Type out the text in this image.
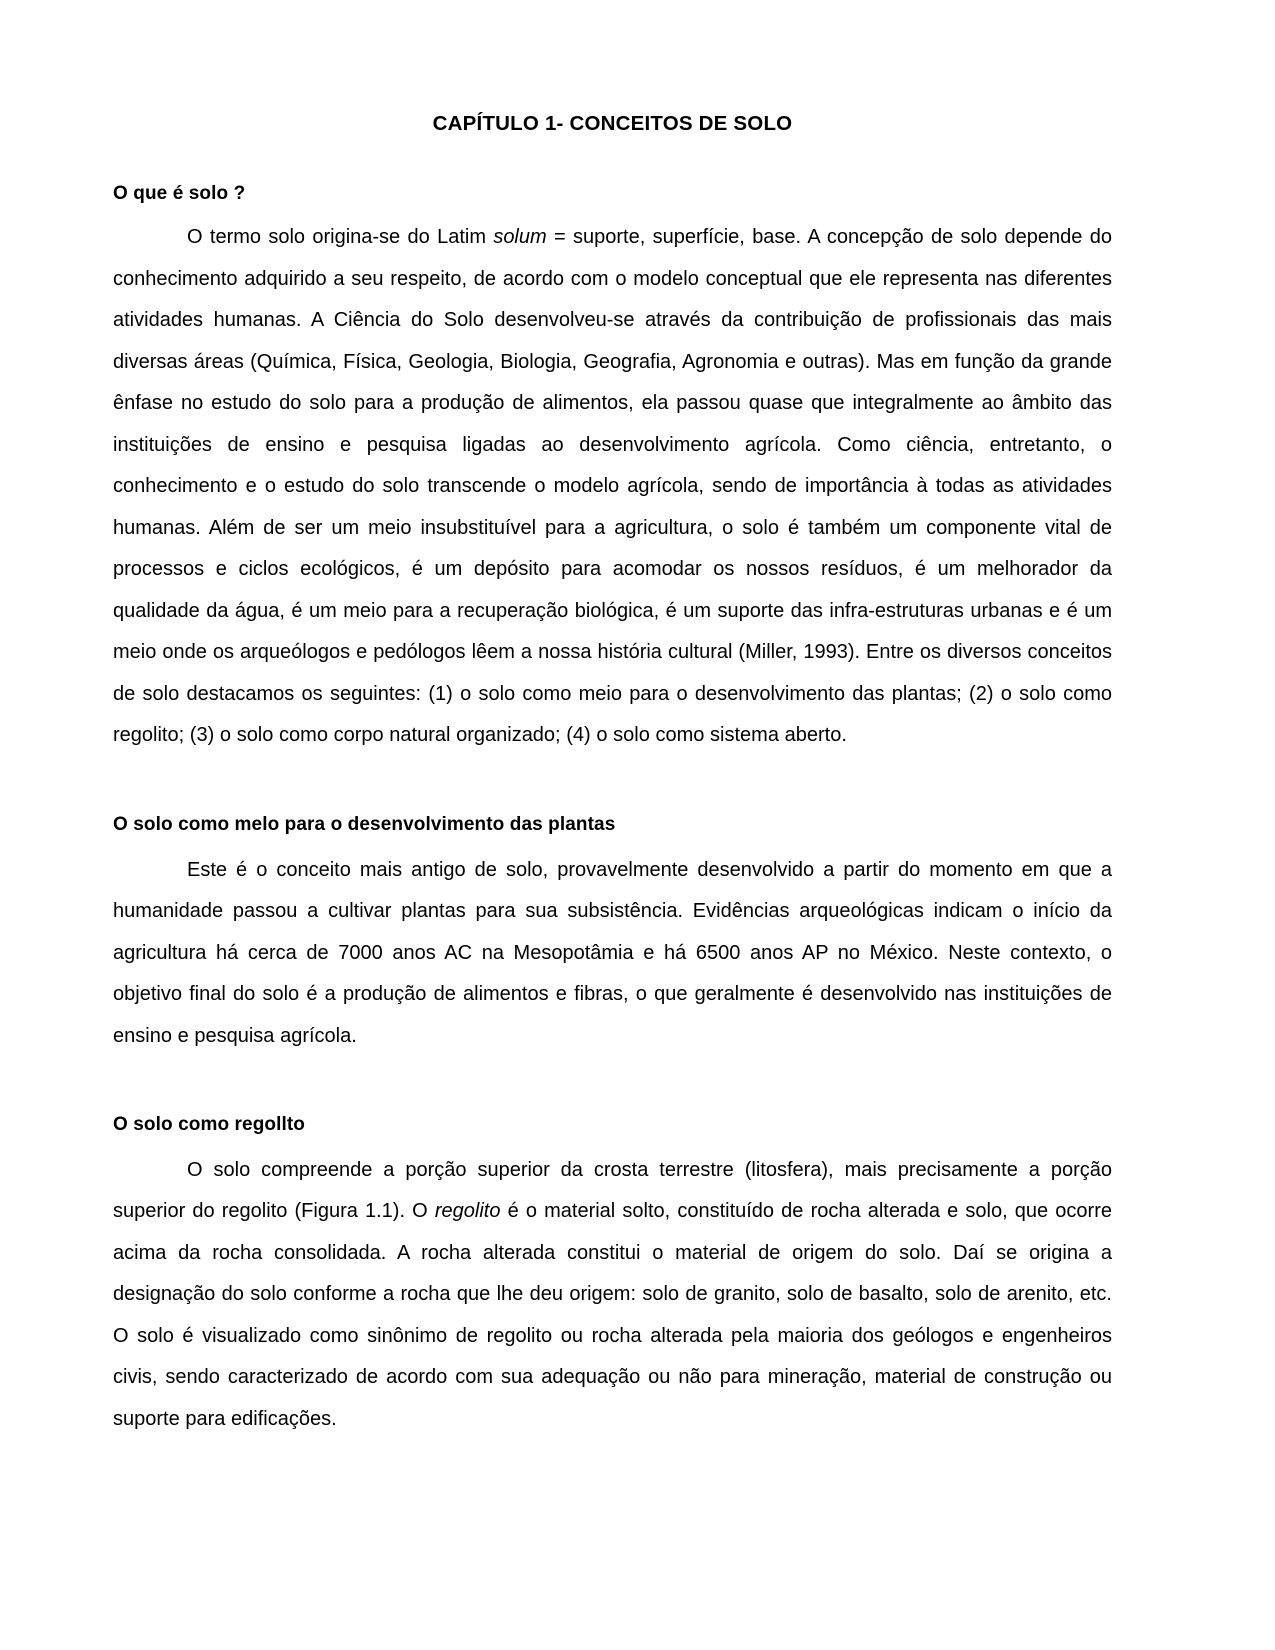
CAPÍTULO 1- CONCEITOS DE SOLO
O que é solo ?

O termo solo origina-se do Latim solum = suporte, superfície, base. A concepção de solo depende do conhecimento adquirido a seu respeito, de acordo com o modelo conceptual que ele representa nas diferentes atividades humanas. A Ciência do Solo desenvolveu-se através da contribuição de profissionais das mais diversas áreas (Química, Física, Geologia, Biologia, Geografia, Agronomia e outras). Mas em função da grande ênfase no estudo do solo para a produção de alimentos, ela passou quase que integralmente ao âmbito das instituições de ensino e pesquisa ligadas ao desenvolvimento agrícola. Como ciência, entretanto, o conhecimento e o estudo do solo transcende o modelo agrícola, sendo de importância à todas as atividades humanas. Além de ser um meio insubstituível para a agricultura, o solo é também um componente vital de processos e ciclos ecológicos, é um depósito para acomodar os nossos resíduos, é um melhorador da qualidade da água, é um meio para a recuperação biológica, é um suporte das infra-estruturas urbanas e é um meio onde os arqueólogos e pedólogos lêem a nossa história cultural (Miller, 1993). Entre os diversos conceitos de solo destacamos os seguintes: (1) o solo como meio para o desenvolvimento das plantas; (2) o solo como regolito; (3) o solo como corpo natural organizado; (4) o solo como sistema aberto.

O solo como melo para o desenvolvimento das plantas

Este é o conceito mais antigo de solo, provavelmente desenvolvido a partir do momento em que a humanidade passou a cultivar plantas para sua subsistência. Evidências arqueológicas indicam o início da agricultura há cerca de 7000 anos AC na Mesopotâmia e há 6500 anos AP no México. Neste contexto, o objetivo final do solo é a produção de alimentos e fibras, o que geralmente é desenvolvido nas instituições de ensino e pesquisa agrícola.

O solo como regollto

O solo compreende a porção superior da crosta terrestre (litosfera), mais precisamente a porção superior do regolito (Figura 1.1). O regolito é o material solto, constituído de rocha alterada e solo, que ocorre acima da rocha consolidada. A rocha alterada constitui o material de origem do solo. Daí se origina a designação do solo conforme a rocha que lhe deu origem: solo de granito, solo de basalto, solo de arenito, etc. O solo é visualizado como sinônimo de regolito ou rocha alterada pela maioria dos geólogos e engenheiros civis, sendo caracterizado de acordo com sua adequação ou não para mineração, material de construção ou suporte para edificações.
